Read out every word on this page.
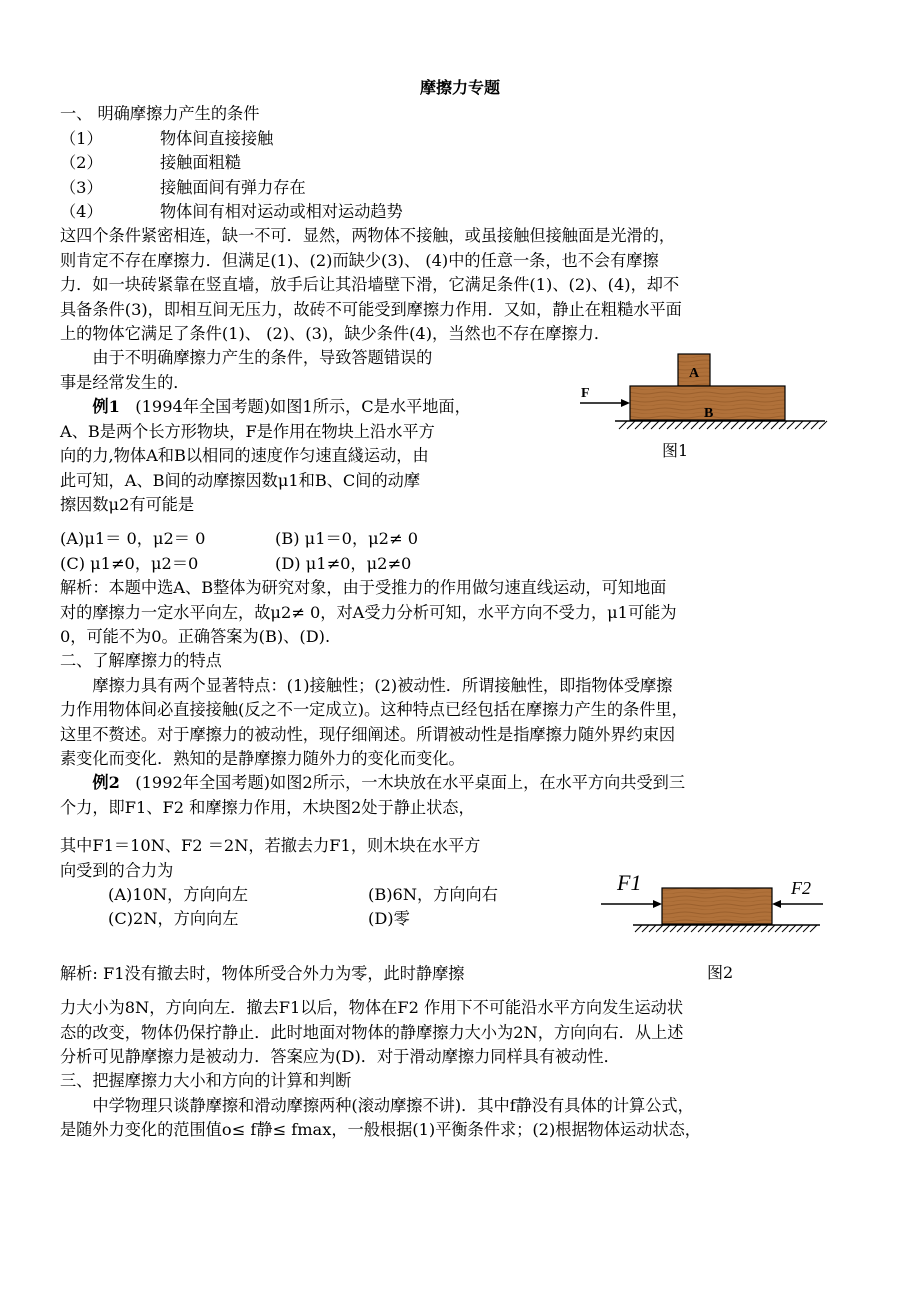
摩擦力专题
一、 明确摩擦力产生的条件
（1）	物体间直接接触
（2）	接触面粗糙
（3）	接触面间有弹力存在
（4）	物体间有相对运动或相对运动趋势
这四个条件紧密相连，缺一不可．显然，两物体不接触，或虽接触但接触面是光滑的，
则肯定不存在摩擦力．但满足(1)、(2)而缺少(3)、 (4)中的任意一条，也不会有摩擦
力．如一块砖紧靠在竖直墙，放手后让其沿墙壁下滑，它满足条件(1)、(2)、(4)，却不
具备条件(3)，即相互间无压力，故砖不可能受到摩擦力作用．又如，静止在粗糙水平面
上的物体它满足了条件(1)、 (2)、(3)，缺少条件(4)，当然也不存在摩擦力．
由于不明确摩擦力产生的条件，导致答题错误的
事是经常发生的．
例1 (1994年全国考题)如图1所示，C是水平地面，
A、B是两个长方形物块，F是作用在物块上沿水平方
向的力,物体A和B以相同的速度作匀速直綫运动，由
此可知，A、B间的动摩擦因数μ1和B、C间的动摩
擦因数μ2有可能是
(A)μ1＝ 0，μ2＝ 0	(B) μ1＝0，μ2≠ 0
(C) μ1≠0，μ2＝0	(D) μ1≠0，μ2≠0
解析：本题中选A、B整体为研究对象，由于受推力的作用做匀速直线运动，可知地面
对的摩擦力一定水平向左，故μ2≠ 0，对A受力分析可知，水平方向不受力，μ1可能为
0，可能不为0。正确答案为(B)、(D).
二、了解摩擦力的特点
摩擦力具有两个显著特点：(1)接触性；(2)被动性．所谓接触性，即指物体受摩擦
力作用物体间必直接接触(反之不一定成立)。这种特点已经包括在摩擦力产生的条件里，
这里不赘述。对于摩擦力的被动性，现仔细阐述。所谓被动性是指摩擦力随外界约束因
素变化而变化．熟知的是静摩擦力随外力的变化而变化。
例2 (1992年全国考题)如图2所示，一木块放在水平桌面上，在水平方向共受到三
个力，即F1、F2 和摩擦力作用，木块图2处于静止状态，
其中F1＝10N、F2 ＝2N，若撤去力F1，则木块在水平方
向受到的合力为
(A)10N，方向向左	(B)6N，方向向右
(C)2N，方向向左	(D)零
解析: F1没有撤去时，物体所受合外力为零，此时静摩擦
力大小为8N，方向向左．撤去F1以后，物体在F2 作用下不可能沿水平方向发生运动状
态的改变，物体仍保拧静止．此时地面对物体的静摩擦力大小为2N，方向向右．从上述
分析可见静摩擦力是被动力．答案应为(D)．对于滑动摩擦力同样具有被动性．
三、把握摩擦力大小和方向的计算和判断
中学物理只谈静摩擦和滑动摩擦两种(滚动摩擦不讲)．其中f静没有具体的计算公式，
是随外力变化的范围值o≤ f静≤ fmax，一般根据(1)平衡条件求；(2)根据物体运动状态，
A
B
F
图1
F1	F2
图2
